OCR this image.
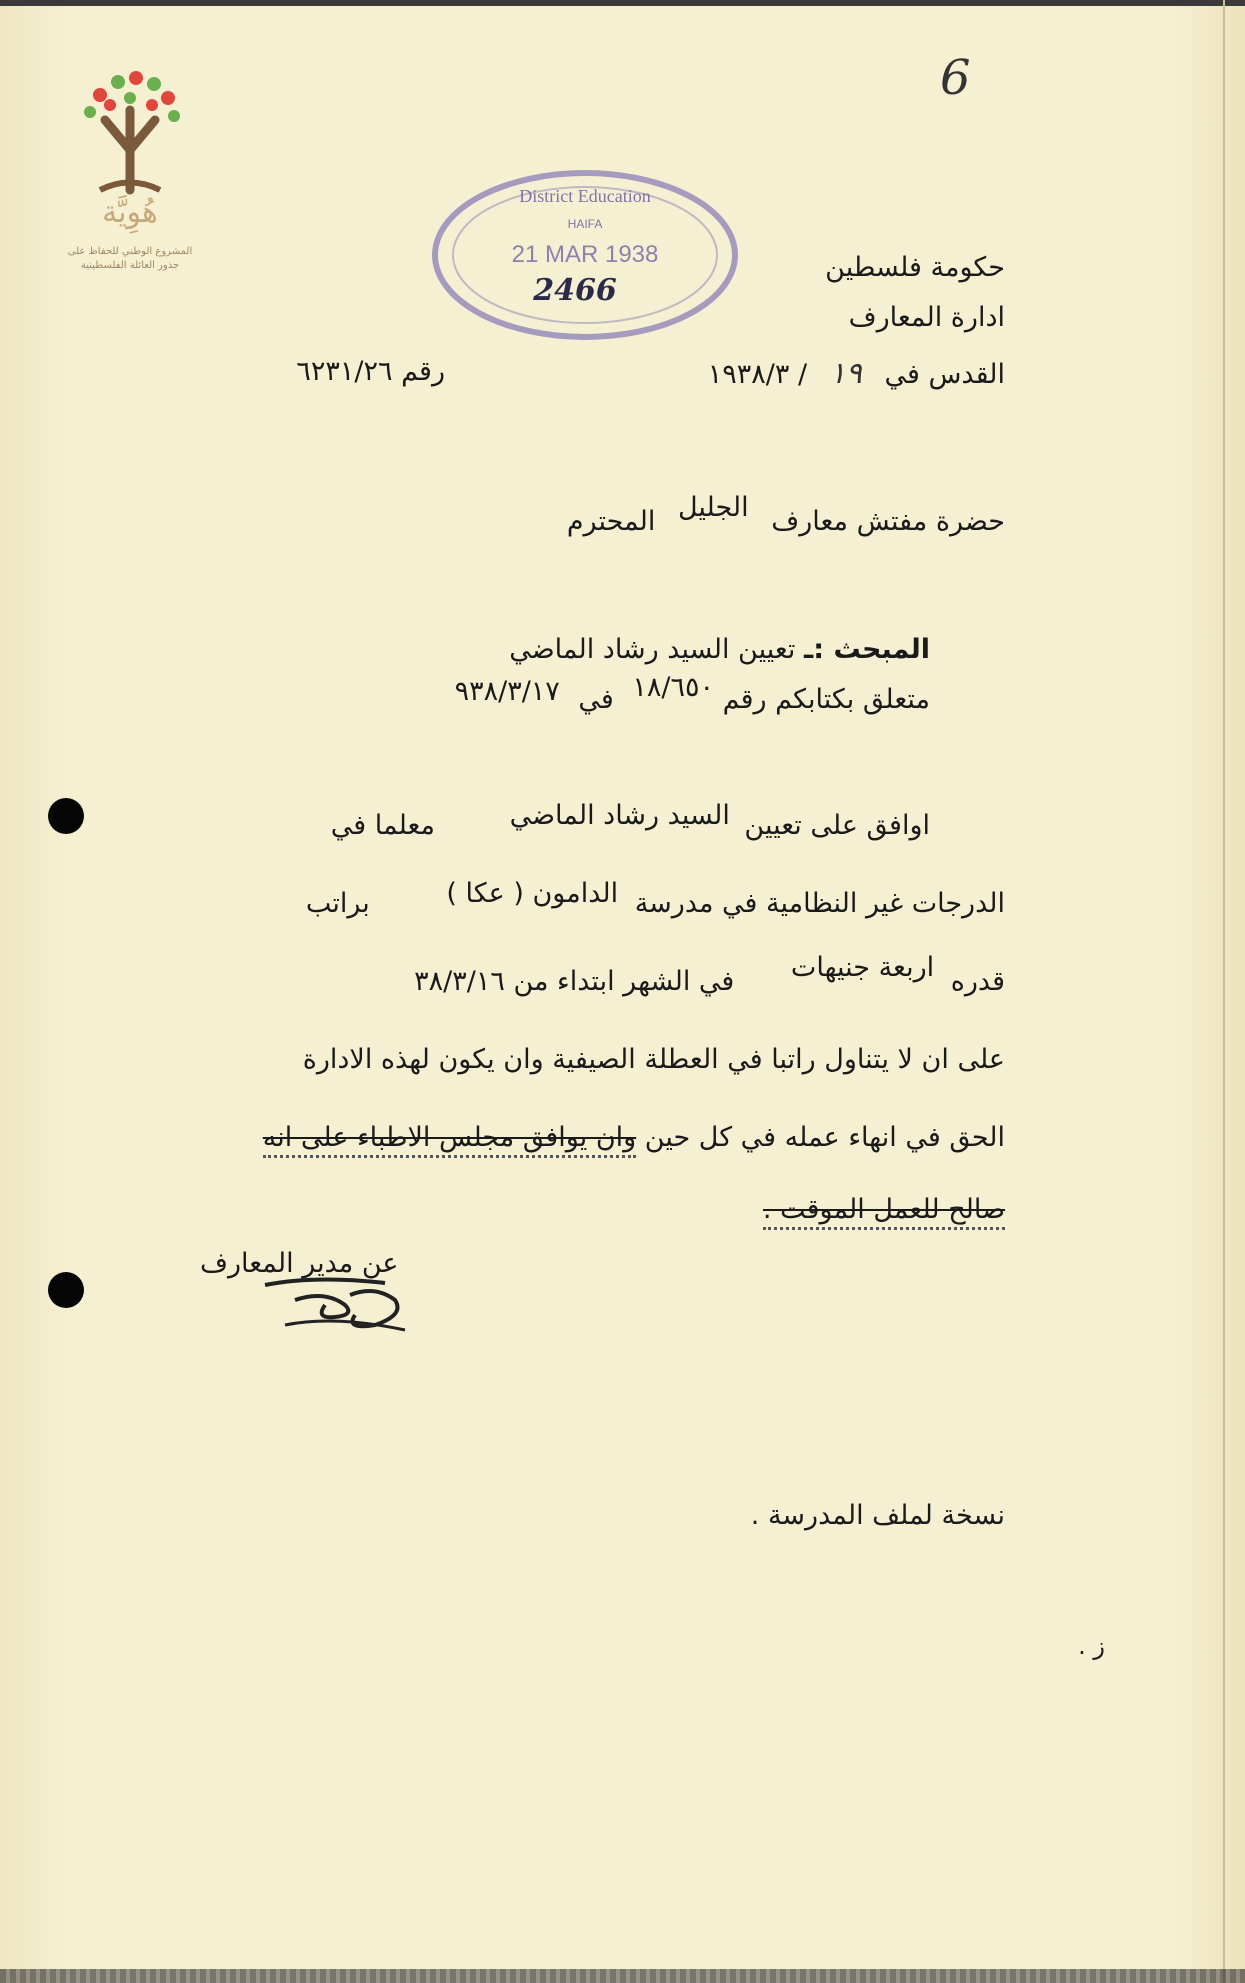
هُوِيَّة
المشروع الوطني للحفاظ على
جذور العائلة الفلسطينية
6
District Education
HAIFA
21 MAR 1938
2466
حكومة فلسطين
ادارة المعارف
القدس في ١٩ / ١٩٣٨/٣
رقم ٦٢٣١/٢٦
حضرة مفتش معارف الجليل المحترم
المبحث :ـ تعيين السيد رشاد الماضي
متعلق بكتابكم رقم ١٨/٦٥٠ في ٩٣٨/٣/١٧
اوافق على تعيين السيد رشاد الماضي معلما في
الدرجات غير النظامية في مدرسة الدامون ( عكا ) براتب
قدره اربعة جنيهات في الشهر ابتداء من ٣٨/٣/١٦
على ان لا يتناول راتبا في العطلة الصيفية وان يكون لهذه الادارة
الحق في انهاء عمله في كل حين وان يوافق مجلس الاطباء على انه
صالح للعمل الموقت .
عن مدير المعارف
نسخة لملف المدرسة .
ز .
